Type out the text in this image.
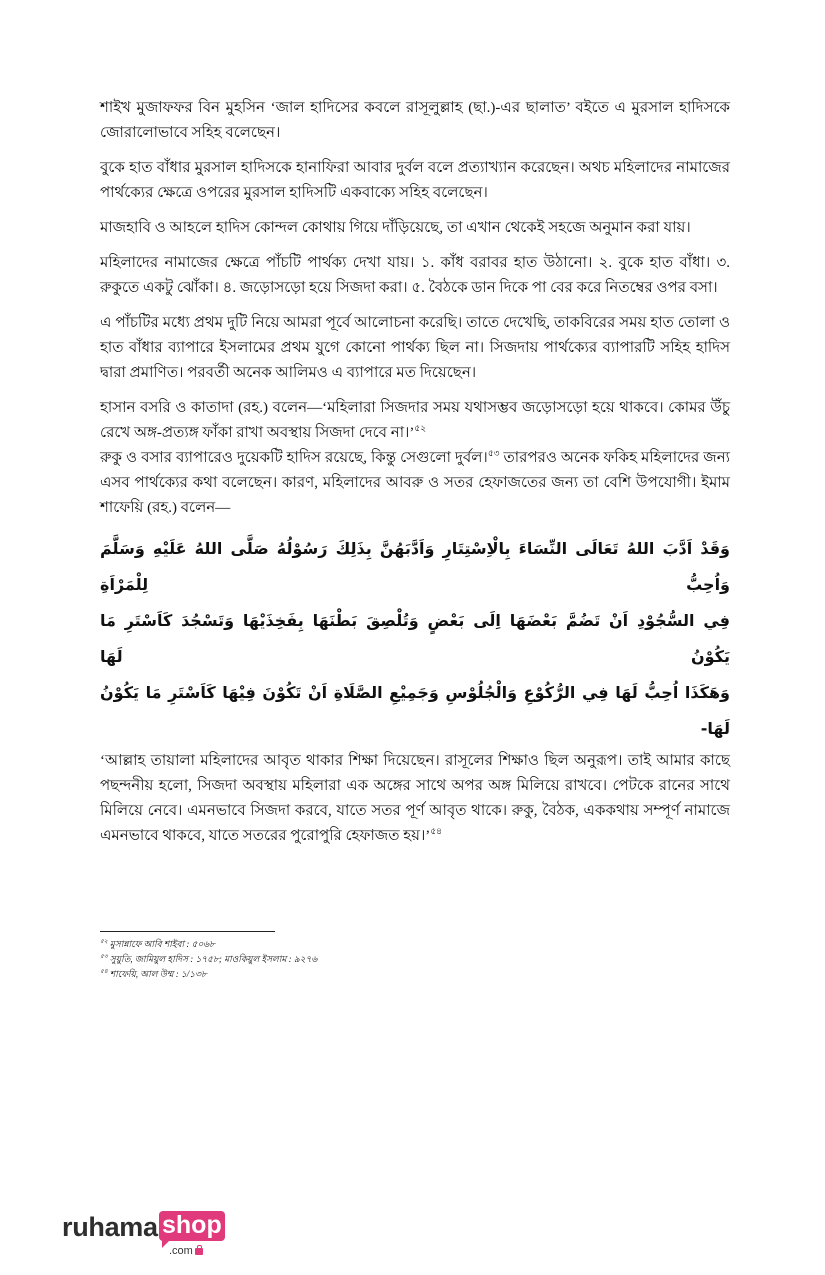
শাইখ মুজাফফর বিন মুহসিন ‘জাল হাদিসের কবলে রাসূলুল্লাহ (ছা.)-এর ছালাত’ বইতে এ মুরসাল হাদিসকে জোরালোভাবে সহিহ বলেছেন।

বুকে হাত বাঁধার মুরসাল হাদিসকে হানাফিরা আবার দুর্বল বলে প্রত্যাখ্যান করেছেন। অথচ মহিলাদের নামাজের পার্থক্যের ক্ষেত্রে ওপরের মুরসাল হাদিসটি একবাক্যে সহিহ বলেছেন।

মাজহাবি ও আহলে হাদিস কোন্দল কোথায় গিয়ে দাঁড়িয়েছে, তা এখান থেকেই সহজে অনুমান করা যায়।

মহিলাদের নামাজের ক্ষেত্রে পাঁচটি পার্থক্য দেখা যায়। ১. কাঁধ বরাবর হাত উঠানো। ২. বুকে হাত বাঁধা। ৩. রুকুতে একটু ঝোঁকা। ৪. জড়োসড়ো হয়ে সিজদা করা। ৫. বৈঠকে ডান দিকে পা বের করে নিতম্বের ওপর বসা।

এ পাঁচটির মধ্যে প্রথম দুটি নিয়ে আমরা পূর্বে আলোচনা করেছি। তাতে দেখেছি, তাকবিরের সময় হাত তোলা ও হাত বাঁধার ব্যাপারে ইসলামের প্রথম যুগে কোনো পার্থক্য ছিল না। সিজদায় পার্থক্যের ব্যাপারটি সহিহ হাদিস দ্বারা প্রমাণিত। পরবর্তী অনেক আলিমও এ ব্যাপারে মত দিয়েছেন।

হাসান বসরি ও কাতাদা (রহ.) বলেন—‘মহিলারা সিজদার সময় যথাসম্ভব জড়োসড়ো হয়ে থাকবে। কোমর উঁচু রেখে অঙ্গ-প্রত্যঙ্গ ফাঁকা রাখা অবস্থায় সিজদা দেবে না।’$^{৫২}$

রুকু ও বসার ব্যাপারেও দুয়েকটি হাদিস রয়েছে, কিন্তু সেগুলো দুর্বল।$^{৫৩}$ তারপরও অনেক ফকিহ মহিলাদের জন্য এসব পার্থক্যের কথা বলেছেন। কারণ, মহিলাদের আবরু ও সতর হেফাজতের জন্য তা বেশি উপযোগী। ইমাম শাফেয়ি (রহ.) বলেন—

وَقَدْ اَدَّبَ اللهُ تَعَالَى النِّسَاءَ بِالْاِسْتِتَارِ وَاَدَّبَهُنَّ بِذَلِكَ رَسُوْلُهُ صَلَّى اللهُ عَلَيْهِ وَسَلَّمَ وَاُحِبُّ لِلْمَرْاَةِ
فِي السُّجُوْدِ اَنْ تَضُمَّ بَعْضَهَا اِلَى بَعْضٍ وَتُلْصِقَ بَطْنَهَا بِفَخِذَيْهَا وَتَسْجُدَ كَاَسْتَرِ مَا يَكُوْنُ لَهَا
وَهَكَذَا اُحِبُّ لَهَا فِي الرُّكُوْعِ وَالْجُلُوْسِ وَجَمِيْعِ الصَّلَاةِ اَنْ تَكُوْنَ فِيْهَا كَاَسْتَرِ مَا يَكُوْنُ لَهَا-

‘আল্লাহ তায়ালা মহিলাদের আবৃত থাকার শিক্ষা দিয়েছেন। রাসূলের শিক্ষাও ছিল অনুরূপ। তাই আমার কাছে পছন্দনীয় হলো, সিজদা অবস্থায় মহিলারা এক অঙ্গের সাথে অপর অঙ্গ মিলিয়ে রাখবে। পেটকে রানের সাথে মিলিয়ে নেবে। এমনভাবে সিজদা করবে, যাতে সতর পূর্ণ আবৃত থাকে। রুকু, বৈঠক, এককথায় সম্পূর্ণ নামাজে এমনভাবে থাকবে, যাতে সতরের পুরোপুরি হেফাজত হয়।’$^{৫৪}$

$^{৫২}$ মুসান্নাফে আবি শাইবা : ৫০৬৮
$^{৫৩}$ সুয়ুতি, জামিয়ুল হাদিস : ১৭৫৮; মাওকিয়ুল ইসলাম : ৯২৭৬
$^{৫৪}$ শাফেয়ি, আল উম্ম : ১/১৩৮
ruhama shop
.com
